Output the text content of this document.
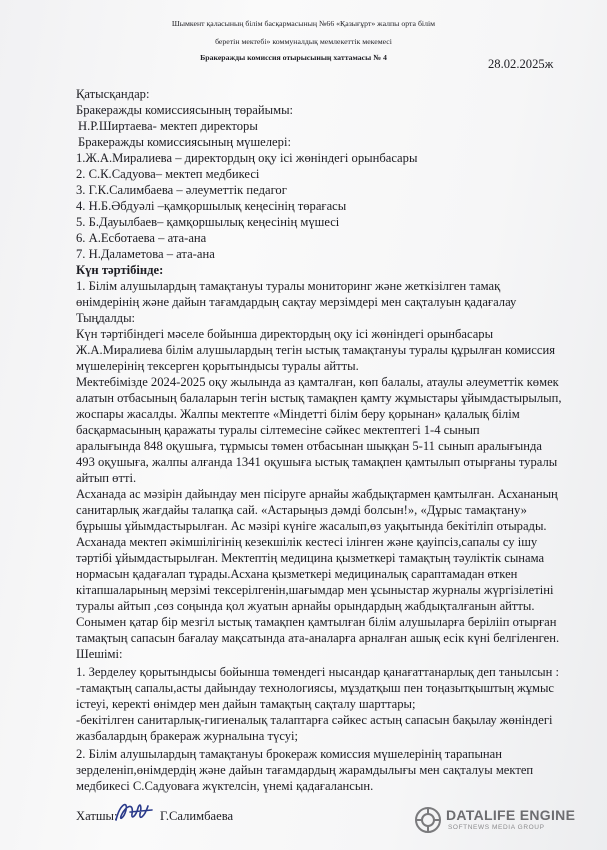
Шымкент қаласының білім басқармасының №66 «Қазығұрт» жалпы орта білім
беретін мектебі» коммуналдық мемлекеттік мекемесі
Бракеражды комиссия отырысының хаттамасы № 4	28.02.2025ж
Қатысқандар:
Бракеражды комиссиясының төрайымы:
Н.Р.Ширтаева- мектеп директоры
Бракеражды комиссиясының мүшелері:
1.Ж.А.Миралиева – директордың оқу ісі жөніндегі орынбасары
2. С.К.Садуова– мектеп медбикесі
3. Г.К.Салимбаева – әлеуметтік педагог
4. Н.Б.Әбдуәлі –қамқоршылық кеңесінің төрағасы
5. Б.Дауылбаев– қамқоршылық кеңесінің мүшесі
6. А.Есботаева – ата-ана
7. Н.Даламетова – ата-ана
Күн тәртібінде:
1. Білім алушылардың тамақтануы туралы мониторинг және жеткізілген тамақ
өнімдерінің және дайын тағамдардың сақтау мерзімдері мен сақталуын қадағалау
Тыңдалды:
Күн тәртібіндегі мәселе бойынша директордың оқу ісі жөніндегі орынбасары
Ж.А.Миралиева білім алушылардың тегін ыстық тамақтануы туралы құрылған комиссия
мүшелерінің тексерген қорытындысы туралы айтты.
Мектебімізде 2024-2025 оқу жылында аз қамталған, көп балалы, атаулы әлеуметтік көмек
алатын отбасының балаларын тегін ыстық тамақпен қамту жұмыстары ұйымдастырылып,
жоспары жасалды. Жалпы мектепте «Міндетті білім беру қорынан» қалалық білім
басқармасының қаражаты туралы сілтемесіне сәйкес мектептегі 1-4 сынып
аралығында 848 оқушыға, тұрмысы төмен отбасынан шыққан 5-11 сынып аралығында
493 оқушыға, жалпы алғанда 1341 оқушыға ыстық тамақпен қамтылып отырғаны туралы
айтып өтті.
Асханада ас мәзірін дайындау мен пісіруге арнайы жабдықтармен қамтылған. Асхананың
санитарлық жағдайы талапқа сай. «Астарыңыз дәмді болсын!», «Дұрыс тамақтану»
бұрышы ұйымдастырылған. Ас мәзірі күніге жасалып,өз уақытында бекітіліп отырады.
Асханада мектеп әкімшілігінің кезекшілік кестесі ілінген және қауіпсіз,сапалы су ішу
тәртібі ұйымдастырылған. Мектептің медицина қызметкері тамақтың тәуліктік сынама
нормасын қадағалап тұрады.Асхана қызметкері медициналық сараптамадан өткен
кітапшаларының мерзімі тексерілгенін,шағымдар мен ұсыныстар журналы жүргізілетіні
туралы айтып ,сөз соңында қол жуатын арнайы орындардың жабдықталғанын айтты.
Сонымен қатар бір мезгіл ыстық тамақпен қамтылған білім алушыларға берілііп отырған
тамақтың сапасын бағалау мақсатында ата-аналарға арналған ашық есік күні белгіленген.
Шешімі:
1. Зерделеу қорытындысы бойынша төмендегі нысандар қанағаттанарлық деп танылсын :
-тамақтың сапалы,асты дайындау технологиясы, мұздатқыш пен тоңазытқыштың жұмыс
істеуі, керекті өнімдер мен дайын тамақтың сақталу шарттары;
-бекітілген санитарлық-гигиеналық талаптарға сәйкес астың сапасын бақылау жөніндегі
жазбалардың бракераж журналына түсуі;
2. Білім алушылардың тамақтануы брокераж комиссия мүшелерінің тарапынан
зерделеніп,өнімдердің және дайын тағамдардың жарамдылығы мен сақталуы мектеп
медбикесі С.Садуоваға жүктелсін, үнемі қадағалансын.
Хатшы:	Г.Салимбаева	DATALIFE ENGINE
SOFTNEWS MEDIA GROUP
